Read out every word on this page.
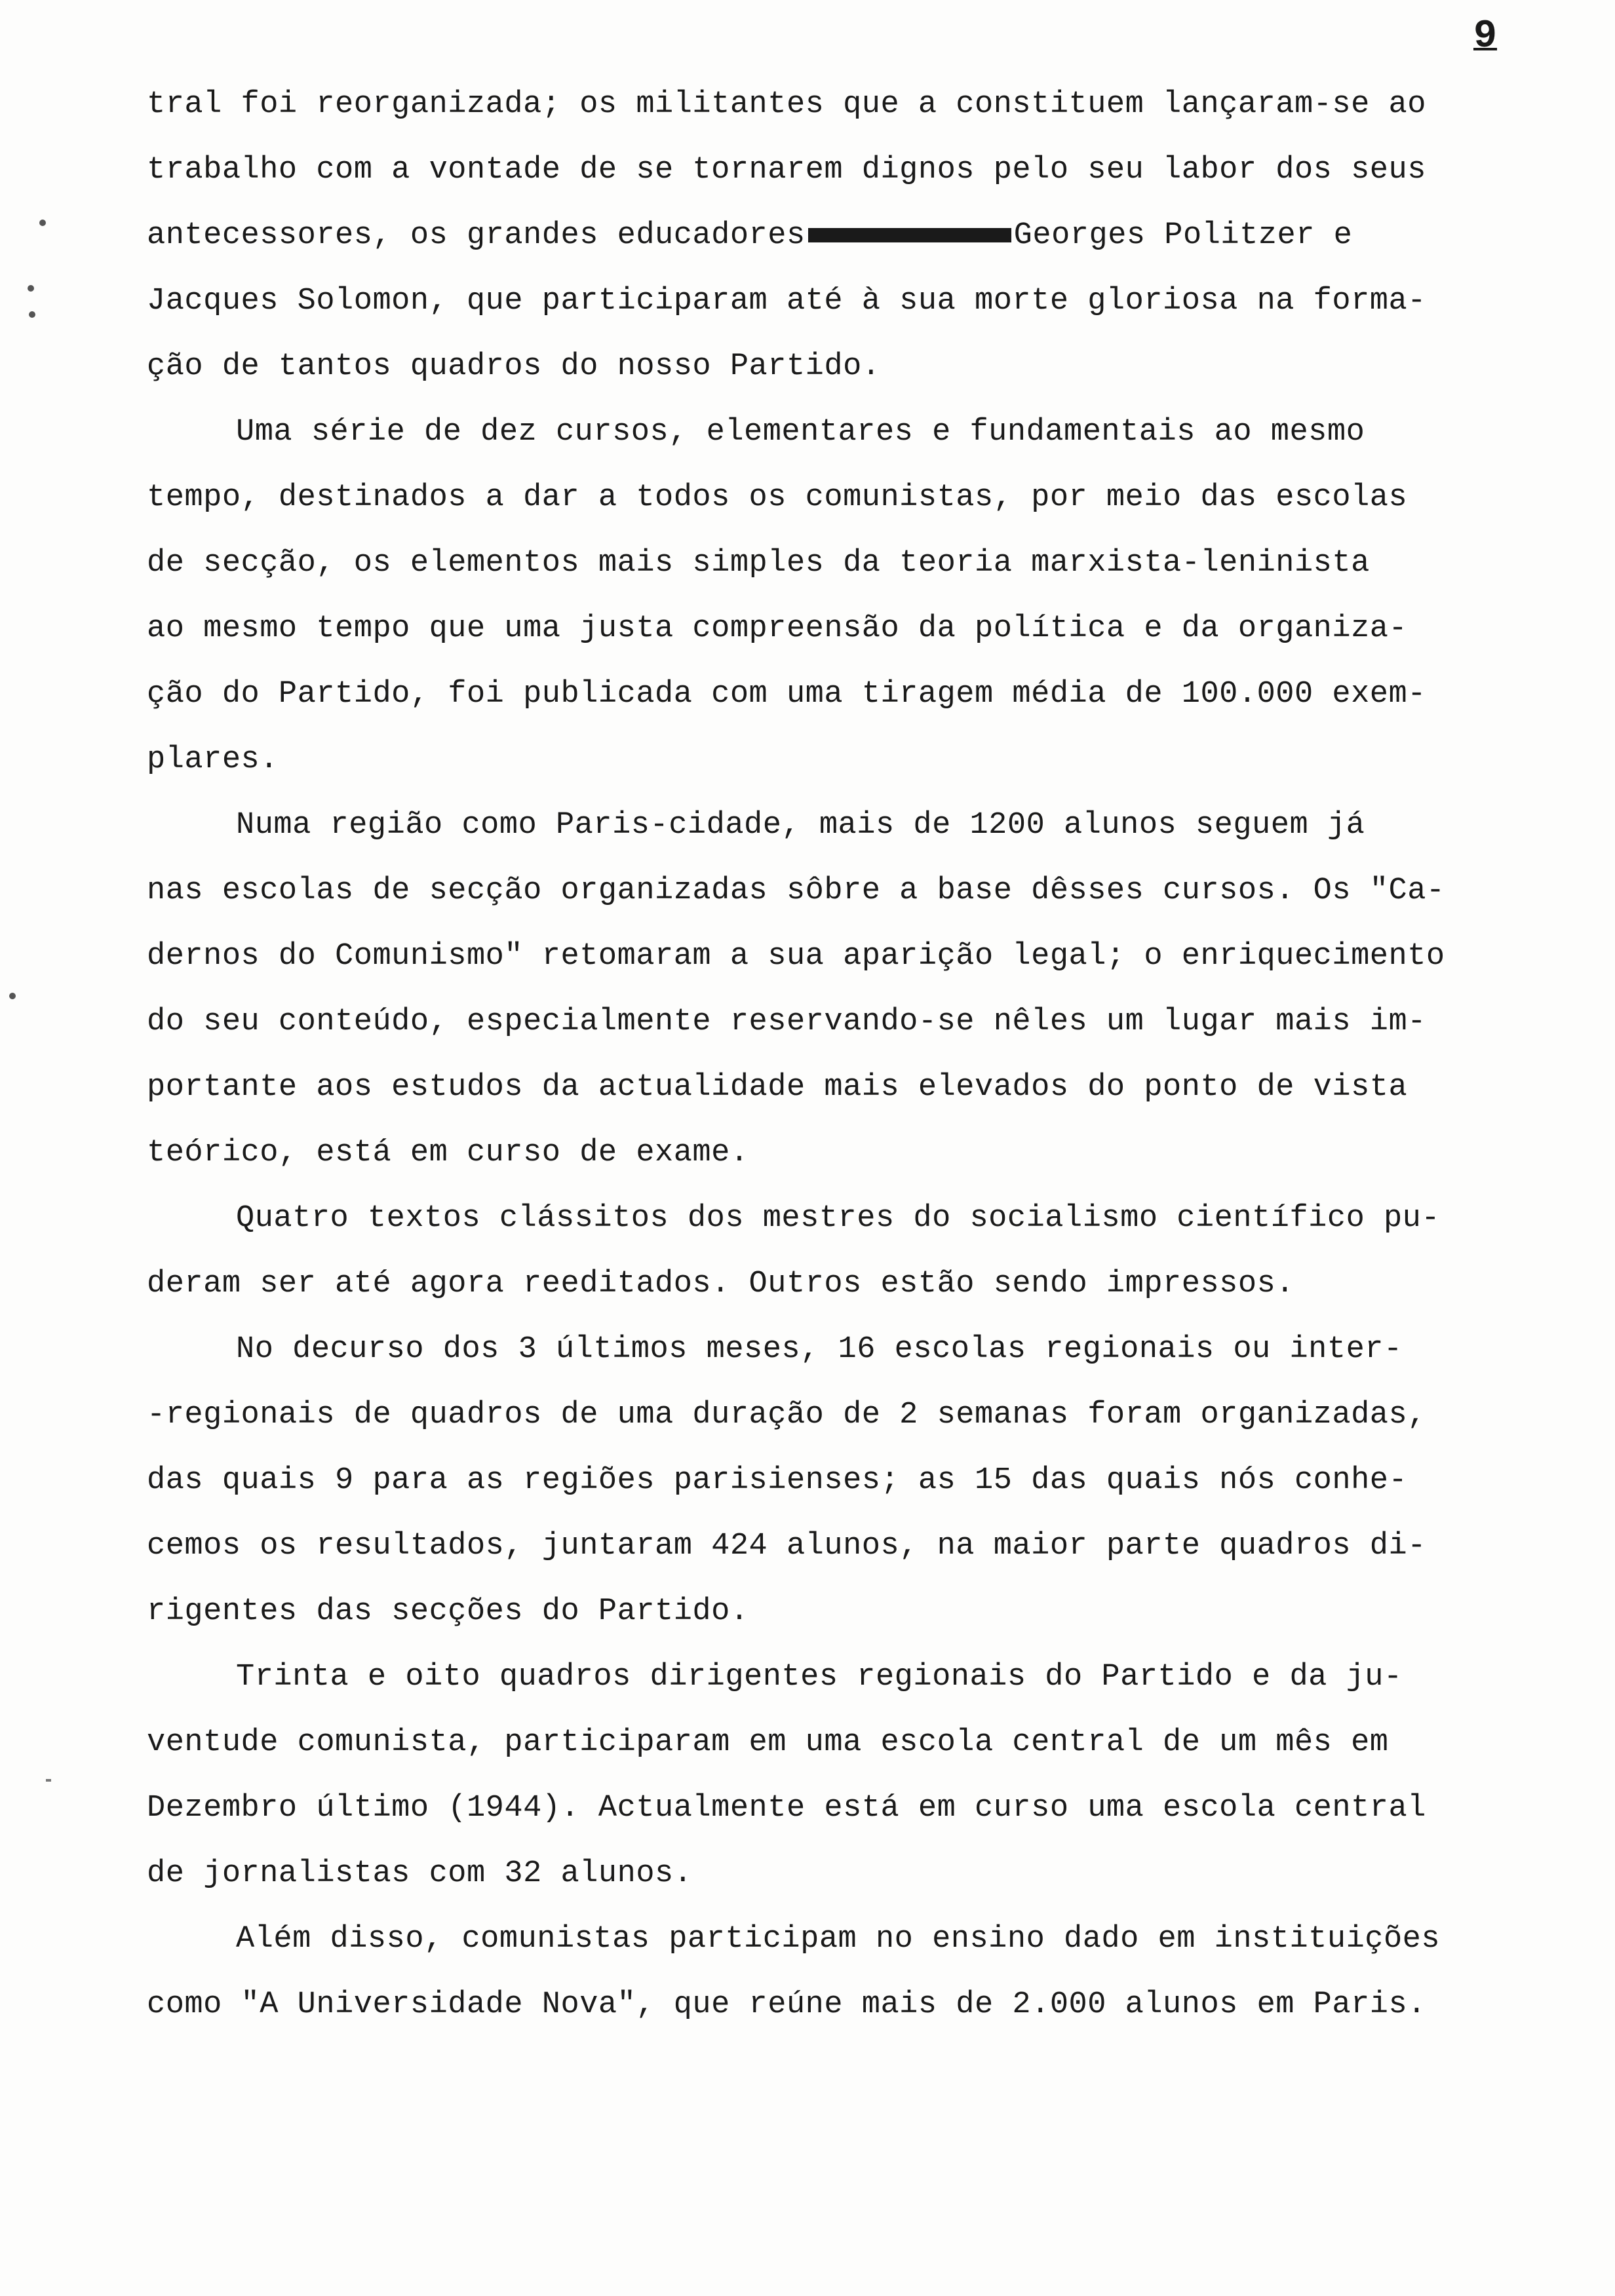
9
tral foi reorganizada; os militantes que a constituem lançaram-se ao
trabalho com a vontade de se tornarem dignos pelo seu labor dos seus
antecessores, os grandes educadores	Georges Politzer e
Jacques Solomon, que participaram até à sua morte gloriosa na forma-
ção de tantos quadros do nosso Partido.
Uma série de dez cursos, elementares e fundamentais ao mesmo
tempo, destinados a dar a todos os comunistas, por meio das escolas
de secção, os elementos mais simples da teoria marxista-leninista
ao mesmo tempo que uma justa compreensão da política e da organiza-
ção do Partido, foi publicada com uma tiragem média de 100.000 exem-
plares.
Numa região como Paris-cidade, mais de 1200 alunos seguem já
nas escolas de secção organizadas sôbre a base dêsses cursos. Os "Ca-
dernos do Comunismo" retomaram a sua aparição legal; o enriquecimento
do seu conteúdo, especialmente reservando-se nêles um lugar mais im-
portante aos estudos da actualidade mais elevados do ponto de vista
teórico, está em curso de exame.
Quatro textos clássitos dos mestres do socialismo científico pu-
deram ser até agora reeditados. Outros estão sendo impressos.
No decurso dos 3 últimos meses, 16 escolas regionais ou inter-
-regionais de quadros de uma duração de 2 semanas foram organizadas,
das quais 9 para as regiões parisienses; as 15 das quais nós conhe-
cemos os resultados, juntaram 424 alunos, na maior parte quadros di-
rigentes das secções do Partido.
Trinta e oito quadros dirigentes regionais do Partido e da ju-
ventude comunista, participaram em uma escola central de um mês em
Dezembro último (1944). Actualmente está em curso uma escola central
de jornalistas com 32 alunos.
Além disso, comunistas participam no ensino dado em instituições
como "A Universidade Nova", que reúne mais de 2.000 alunos em Paris.
